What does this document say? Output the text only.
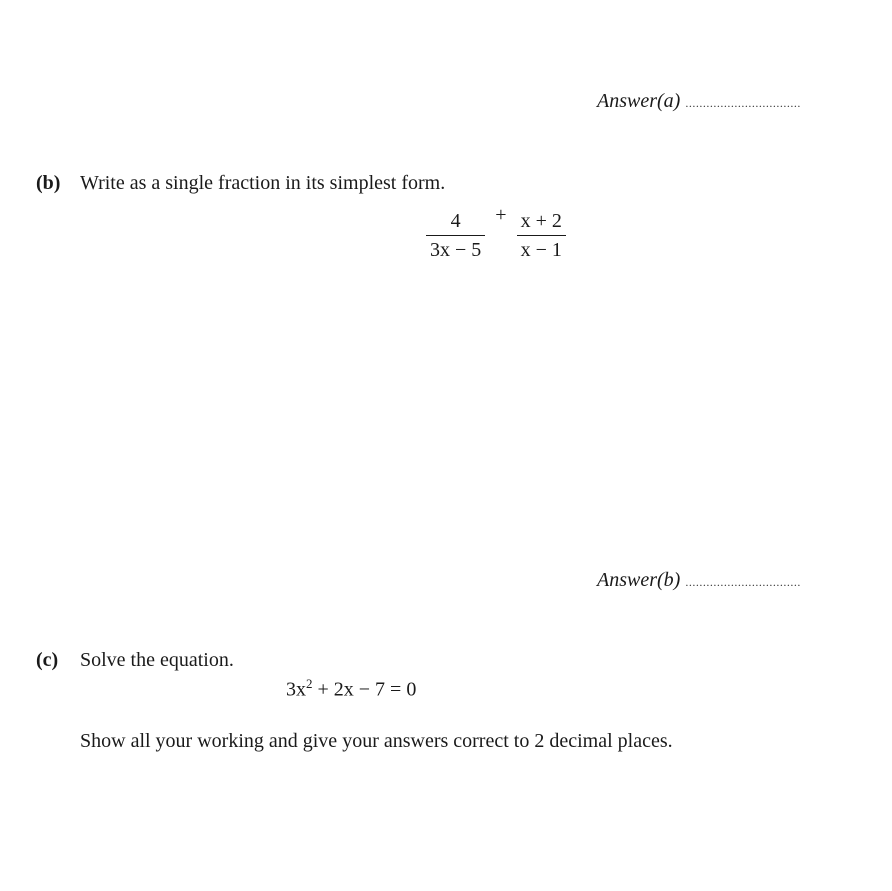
Answer(a) .................................
(b) Write as a single fraction in its simplest form.
$\frac{4}{3x - 5} + \frac{x + 2}{x - 1}$
Answer(b) .................................
(c) Solve the equation.
$3x^2 + 2x - 7 = 0$
Show all your working and give your answers correct to 2 decimal places.
